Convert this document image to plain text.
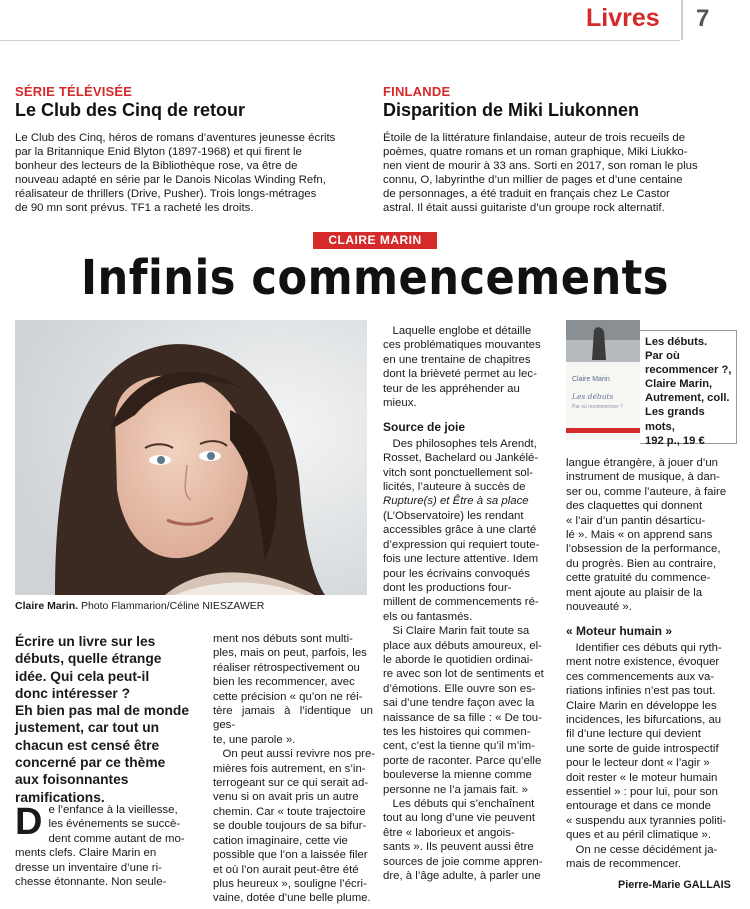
Livres 7
SÉRIE TÉLÉVISÉE
Le Club des Cinq de retour
Le Club des Cinq, héros de romans d’aventures jeunesse écrits
par la Britannique Enid Blyton (1897-1968) et qui firent le
bonheur des lecteurs de la Bibliothèque rose, va être de
nouveau adapté en série par le Danois Nicolas Winding Refn,
réalisateur de thrillers (Drive, Pusher). Trois longs-métrages
de 90 mn sont prévus. TF1 a racheté les droits.
FINLANDE
Disparition de Miki Liukonnen
Étoile de la littérature finlandaise, auteur de trois recueils de
poèmes, quatre romans et un roman graphique, Miki Liukko-
nen vient de mourir à 33 ans. Sorti en 2017, son roman le plus
connu, O, labyrinthe d’un millier de pages et d’une centaine
de personnages, a été traduit en français chez Le Castor
astral. Il était aussi guitariste d’un groupe rock alternatif.
CLAIRE MARIN
Infinis commencements
Claire Marin. Photo Flammarion/Céline NIESZAWER
Écrire un livre sur les
débuts, quelle étrange
idée. Qui cela peut-il
donc intéresser ?
Eh bien pas mal de monde
justement, car tout un
chacun est censé être
concerné par ce thème
aux foisonnantes
ramifications.
D e l’enfance à la vieillesse,
les événements se succè-
dent comme autant de mo-
ments clefs. Claire Marin en
dresse un inventaire d’une ri-
chesse étonnante. Non seule-
ment nos débuts sont multi-
ples, mais on peut, parfois, les
réaliser rétrospectivement ou
bien les recommencer, avec
cette précision « qu’on ne réi-
tère jamais à l’identique un ges-
te, une parole ».
On peut aussi revivre nos pre-
mières fois autrement, en s’in-
terrogeant sur ce qui serait ad-
venu si on avait pris un autre
chemin. Car « toute trajectoire
se double toujours de sa bifur-
cation imaginaire, cette vie
possible que l’on a laissée filer
et où l’on aurait peut-être été
plus heureux », souligne l’écri-
vaine, dotée d’une belle plume.
Laquelle englobe et détaille
ces problématiques mouvantes
en une trentaine de chapitres
dont la brièveté permet au lec-
teur de les appréhender au
mieux.
Source de joie
Des philosophes tels Arendt,
Rosset, Bachelard ou Jankélé-
vitch sont ponctuellement sol-
licités, l’auteure à succès de
Rupture(s) et Être à sa place
(L’Observatoire) les rendant
accessibles grâce à une clarté
d’expression qui requiert toute-
fois une lecture attentive. Idem
pour les écrivains convoqués
dont les productions four-
millent de commencements ré-
els ou fantasmés.
Si Claire Marin fait toute sa
place aux débuts amoureux, el-
le aborde le quotidien ordinai-
re avec son lot de sentiments et
d’émotions. Elle ouvre son es-
sai d’une tendre façon avec la
naissance de sa fille : « De tou-
tes les histoires qui commen-
cent, c’est la tienne qu’il m’im-
porte de raconter. Parce qu’elle
bouleverse la mienne comme
personne ne l’a jamais fait. »
Les débuts qui s’enchaînent
tout au long d’une vie peuvent
être « laborieux et angois-
sants ». Ils peuvent aussi être
sources de joie comme appren-
dre, à l’âge adulte, à parler une
Claire Marin
Les débuts
Par où recommencer ?
Les débuts.
Par où
recommencer ?,
Claire Marin,
Autrement, coll.
Les grands mots,
192 p., 19 €
langue étrangère, à jouer d’un
instrument de musique, à dan-
ser ou, comme l’auteure, à faire
des claquettes qui donnent
« l’air d’un pantin désarticu-
lé ». Mais « on apprend sans
l’obsession de la performance,
du progrès. Bien au contraire,
cette gratuité du commence-
ment ajoute au plaisir de la
nouveauté ».
« Moteur humain »
Identifier ces débuts qui ryth-
ment notre existence, évoquer
ces commencements aux va-
riations infinies n’est pas tout.
Claire Marin en développe les
incidences, les bifurcations, au
fil d’une lecture qui devient
une sorte de guide introspectif
pour le lecteur dont « l’agir »
doit rester « le moteur humain
essentiel » : pour lui, pour son
entourage et dans ce monde
« suspendu aux tyrannies politi-
ques et au péril climatique ».
On ne cesse décidément ja-
mais de recommencer.
Pierre-Marie GALLAIS
